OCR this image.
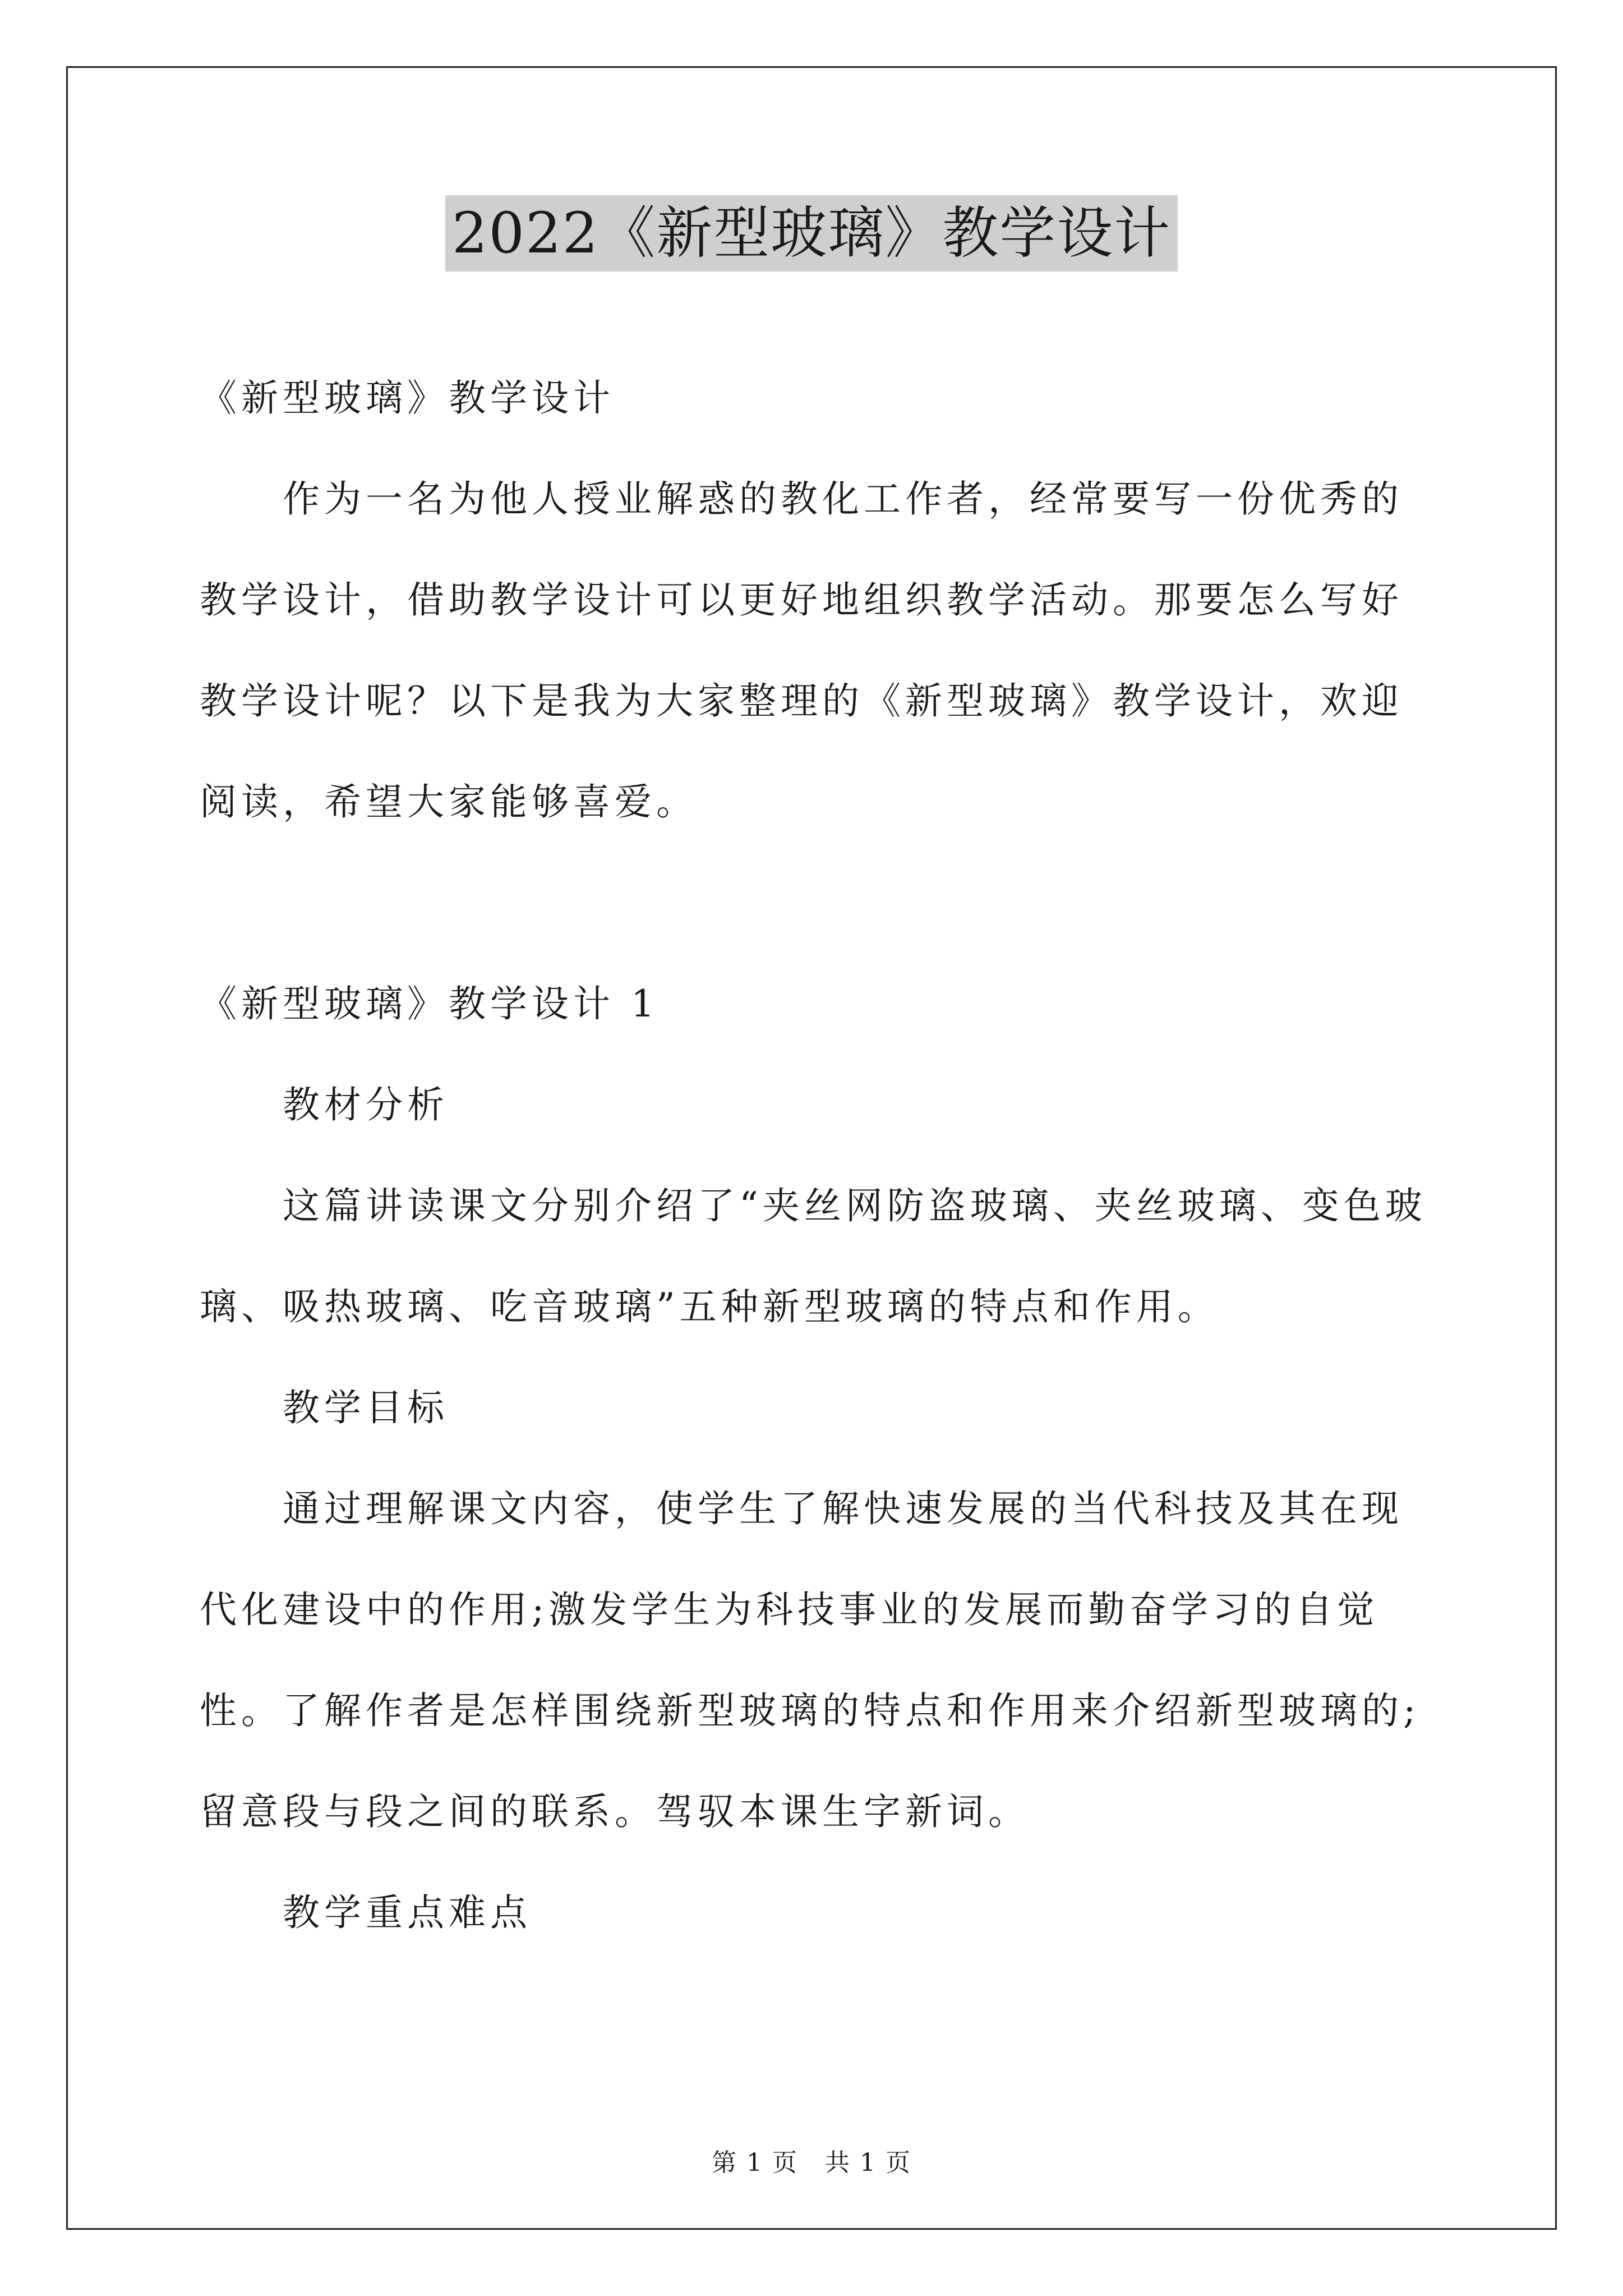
2022《新型玻璃》教学设计

《新型玻璃》教学设计

作为一名为他人授业解惑的教化工作者，经常要写一份优秀的教学设计，借助教学设计可以更好地组织教学活动。那要怎么写好教学设计呢？以下是我为大家整理的《新型玻璃》教学设计，欢迎阅读，希望大家能够喜爱。

《新型玻璃》教学设计 1

教材分析

这篇讲读课文分别介绍了“夹丝网防盗玻璃、夹丝玻璃、变色玻璃、吸热玻璃、吃音玻璃”五种新型玻璃的特点和作用。

教学目标

通过理解课文内容，使学生了解快速发展的当代科技及其在现代化建设中的作用;激发学生为科技事业的发展而勤奋学习的自觉性。了解作者是怎样围绕新型玻璃的特点和作用来介绍新型玻璃的;留意段与段之间的联系。驾驭本课生字新词。

教学重点难点

第 1 页 共 1 页
